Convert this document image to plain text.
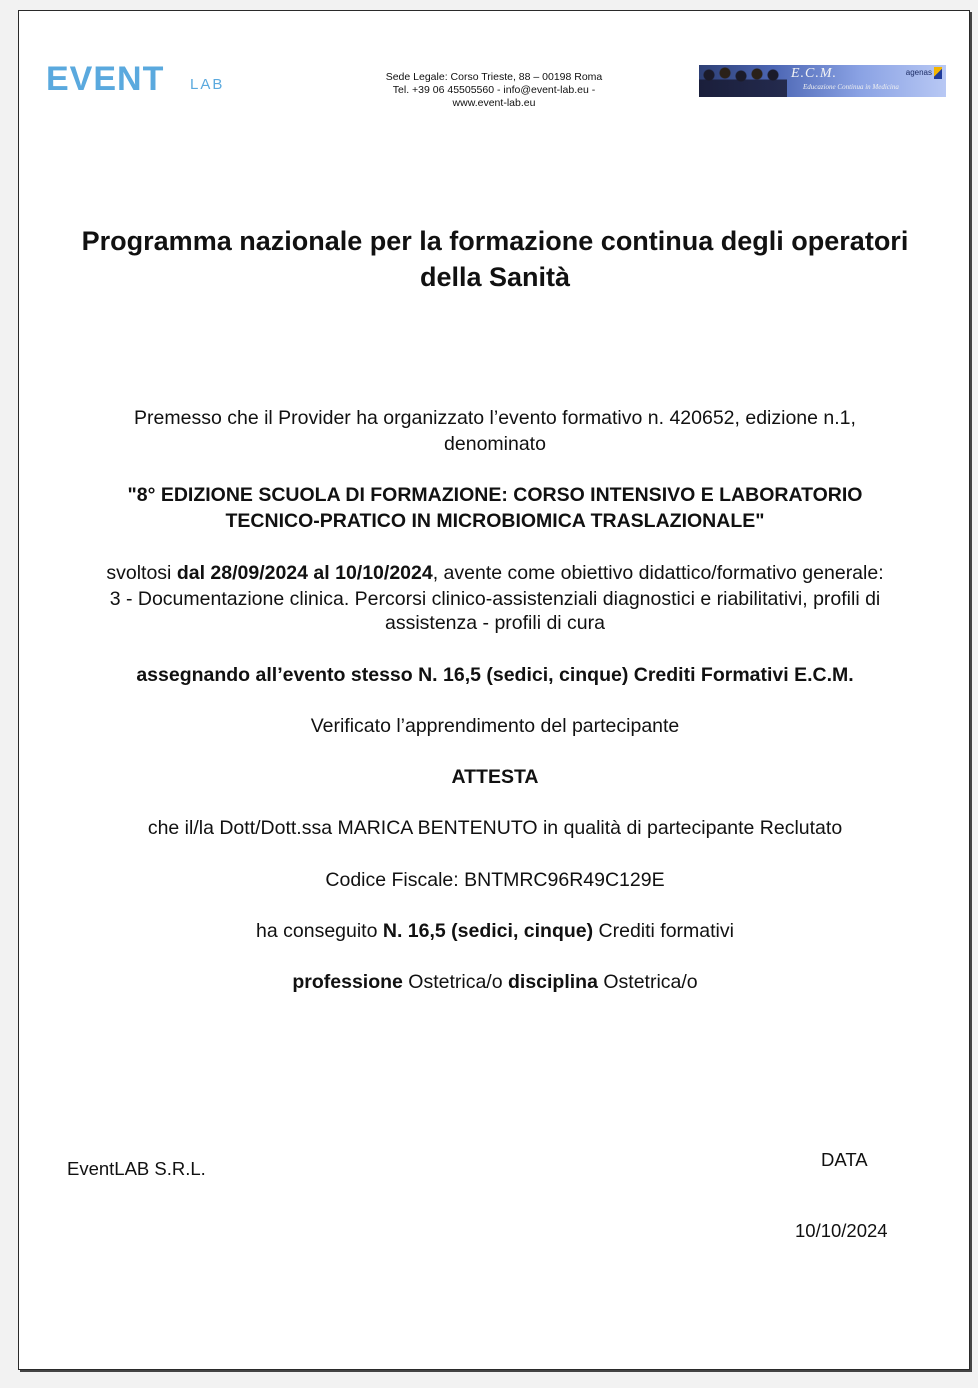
EVENT LAB	Sede Legale: Corso Trieste, 88 – 00198 Roma
Tel. +39 06 45505560 - info@event-lab.eu -
www.event-lab.eu
E.C.M.
Educazione Continua in Medicina
agenas
Programma nazionale per la formazione continua degli operatori della Sanità
Premesso che il Provider ha organizzato l’evento formativo n. 420652, edizione n.1,
denominato
"8° EDIZIONE SCUOLA DI FORMAZIONE: CORSO INTENSIVO E LABORATORIO
TECNICO-PRATICO IN MICROBIOMICA TRASLAZIONALE"
svoltosi dal 28/09/2024 al 10/10/2024, avente come obiettivo didattico/formativo generale:
3 - Documentazione clinica. Percorsi clinico-assistenziali diagnostici e riabilitativi, profili di
assistenza - profili di cura
assegnando all’evento stesso N. 16,5 (sedici, cinque) Crediti Formativi E.C.M.
Verificato l’apprendimento del partecipante
ATTESTA
che il/la Dott/Dott.ssa MARICA BENTENUTO in qualità di partecipante Reclutato
Codice Fiscale: BNTMRC96R49C129E
ha conseguito N. 16,5 (sedici, cinque) Crediti formativi
professione Ostetrica/o disciplina Ostetrica/o
EventLAB S.R.L.	DATA
10/10/2024
